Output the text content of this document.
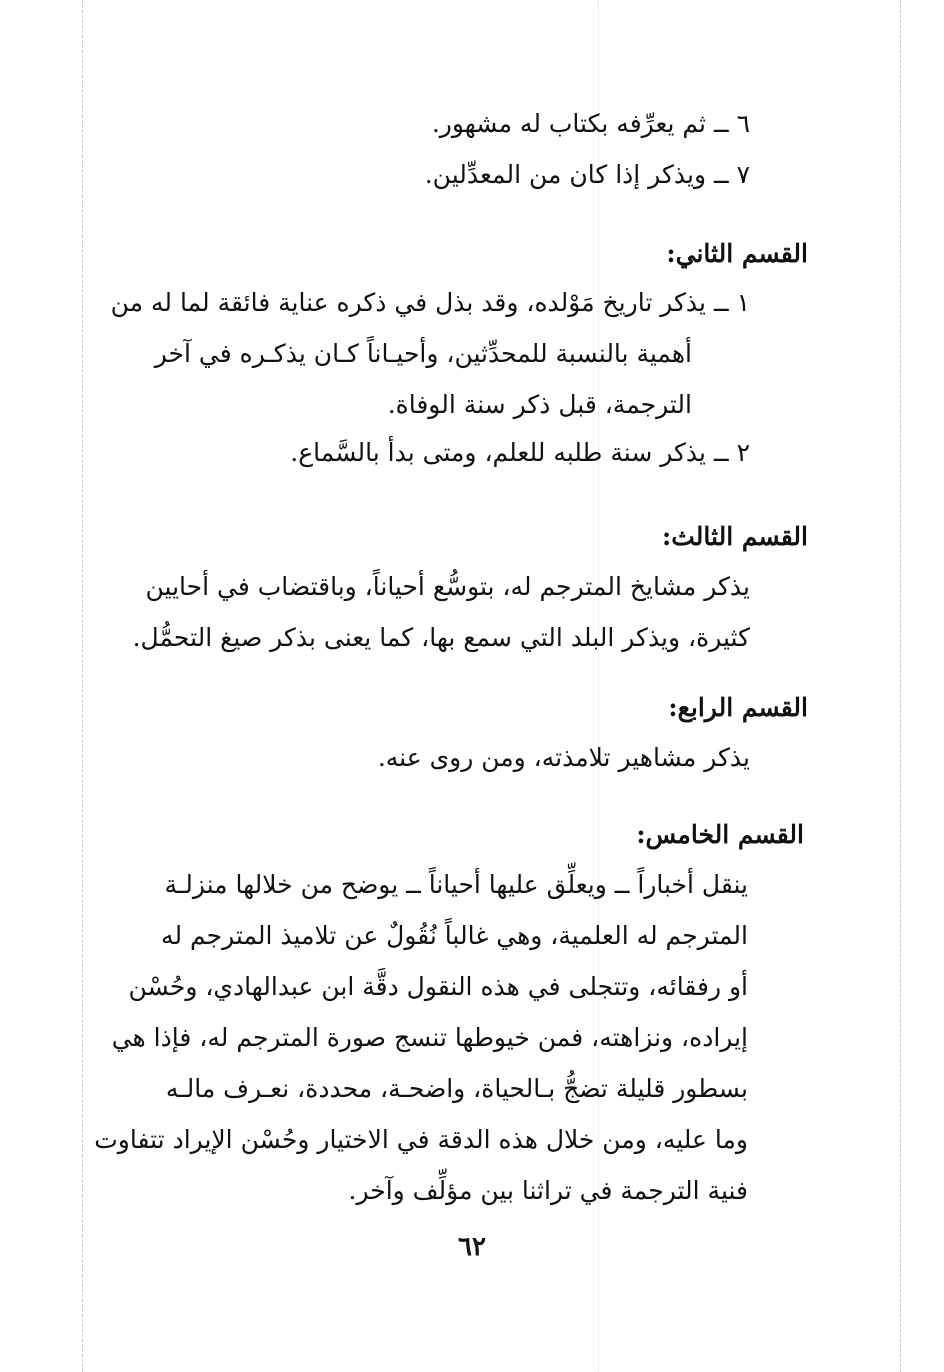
٦ ــ ثم يعرِّفه بكتاب له مشهور.
٧ ــ ويذكر إذا كان من المعدِّلين.
القسم الثاني:
١ ــ يذكر تاريخ مَوْلده، وقد بذل في ذكره عناية فائقة لما له من
أهمية بالنسبة للمحدِّثين، وأحيـاناً كـان يذكـره في آخر
الترجمة، قبل ذكر سنة الوفاة.
٢ ــ يذكر سنة طلبه للعلم، ومتى بدأ بالسَّماع.
القسم الثالث:
يذكر مشايخ المترجم له، بتوسُّع أحياناً، وباقتضاب في أحايين
كثيرة، ويذكر البلد التي سمع بها، كما يعنى بذكر صيغ التحمُّل.
القسم الرابع:
يذكر مشاهير تلامذته، ومن روى عنه.
القسم الخامس:
ينقل أخباراً ــ ويعلِّق عليها أحياناً ــ يوضح من خلالها منزلـة
المترجم له العلمية، وهي غالباً نُقُولٌ عن تلاميذ المترجم له
أو رفقائه، وتتجلى في هذه النقول دقَّة ابن عبدالهادي، وحُسْن
إيراده، ونزاهته، فمن خيوطها تنسج صورة المترجم له، فإذا هي
بسطور قليلة تضجُّ بـالحياة، واضحـة، محددة، نعـرف مالـه
وما عليه، ومن خلال هذه الدقة في الاختيار وحُسْن الإيراد تتفاوت
فنية الترجمة في تراثنا بين مؤلِّف وآخر.
٦٢
